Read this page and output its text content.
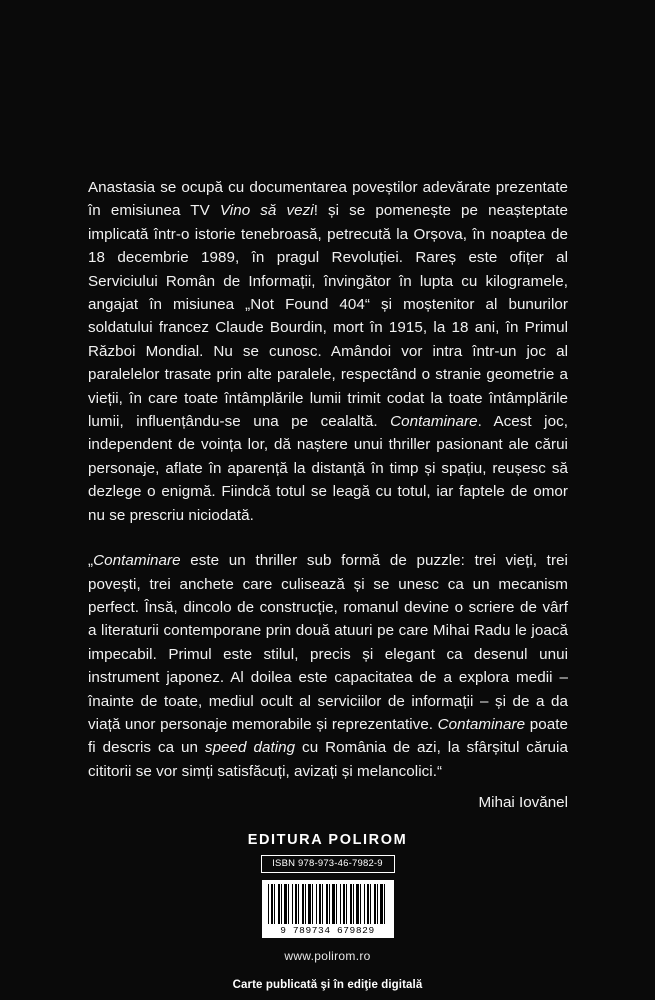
Anastasia se ocupă cu documentarea poveștilor adevărate prezentate în emisiunea TV Vino să vezi! și se pomenește pe neașteptate implicată într-o istorie tenebroasă, petrecută la Orșova, în noaptea de 18 decembrie 1989, în pragul Revoluției. Rareș este ofițer al Serviciului Român de Informații, învingător în lupta cu kilogramele, angajat în misiunea „Not Found 404“ și moștenitor al bunurilor soldatului francez Claude Bourdin, mort în 1915, la 18 ani, în Primul Război Mondial. Nu se cunosc. Amândoi vor intra într-un joc al paralelelor trasate prin alte paralele, respectând o stranie geometrie a vieții, în care toate întâmplările lumii trimit codat la toate întâmplările lumii, influențându-se una pe cealaltă. Contaminare. Acest joc, independent de voința lor, dă naștere unui thriller pasionant ale cărui personaje, aflate în aparență la distanță în timp și spațiu, reușesc să dezlege o enigmă. Fiindcă totul se leagă cu totul, iar faptele de omor nu se prescriu niciodată.

„Contaminare este un thriller sub formă de puzzle: trei vieți, trei povești, trei anchete care culisează și se unesc ca un mecanism perfect. Însă, dincolo de construcție, romanul devine o scriere de vârf a literaturii contemporane prin două atuuri pe care Mihai Radu le joacă impecabil. Primul este stilul, precis și elegant ca desenul unui instrument japonez. Al doilea este capacitatea de a explora medii – înainte de toate, mediul ocult al serviciilor de informații – și de a da viață unor personaje memorabile și reprezentative. Contaminare poate fi descris ca un speed dating cu România de azi, la sfârșitul căruia cititorii se vor simți satisfăcuți, avizați și melancolici.“

Mihai Iovănel

EDITURA POLIROM
ISBN 978-973-46-7982-9
9 789734 679829
www.polirom.ro
Carte publicată şi în ediţie digitală
